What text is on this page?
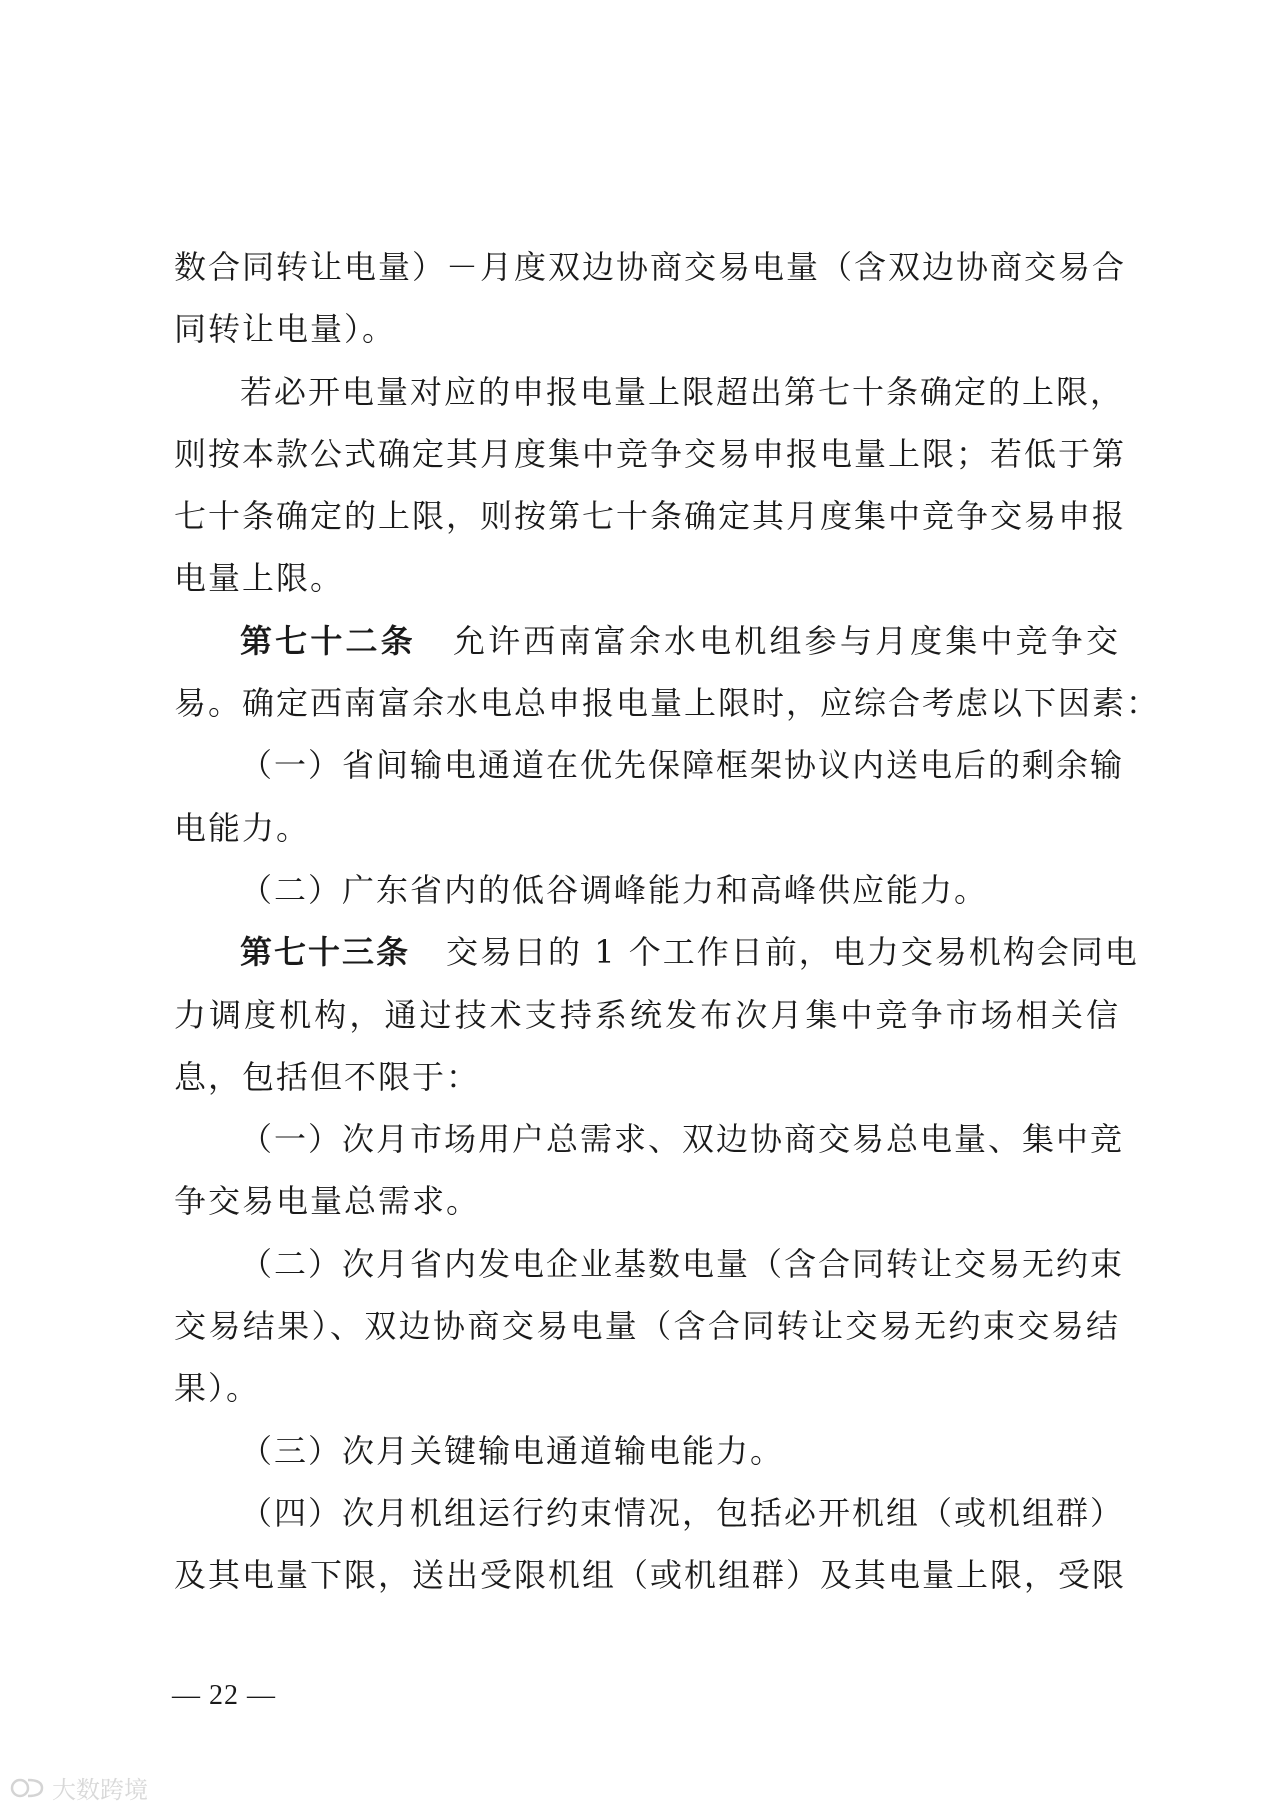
数合同转让电量）－月度双边协商交易电量（含双边协商交易合
同转让电量）。
若必开电量对应的申报电量上限超出第七十条确定的上限，
则按本款公式确定其月度集中竞争交易申报电量上限；若低于第
七十条确定的上限，则按第七十条确定其月度集中竞争交易申报
电量上限。
第七十二条 允许西南富余水电机组参与月度集中竞争交
易。确定西南富余水电总申报电量上限时，应综合考虑以下因素：
（一）省间输电通道在优先保障框架协议内送电后的剩余输
电能力。
（二）广东省内的低谷调峰能力和高峰供应能力。
第七十三条 交易日的 1 个工作日前，电力交易机构会同电
力调度机构，通过技术支持系统发布次月集中竞争市场相关信
息，包括但不限于：
（一）次月市场用户总需求、双边协商交易总电量、集中竞
争交易电量总需求。
（二）次月省内发电企业基数电量（含合同转让交易无约束
交易结果）、双边协商交易电量（含合同转让交易无约束交易结
果）。
（三）次月关键输电通道输电能力。
（四）次月机组运行约束情况，包括必开机组（或机组群）
及其电量下限，送出受限机组（或机组群）及其电量上限，受限
— 22 —
大数跨境
